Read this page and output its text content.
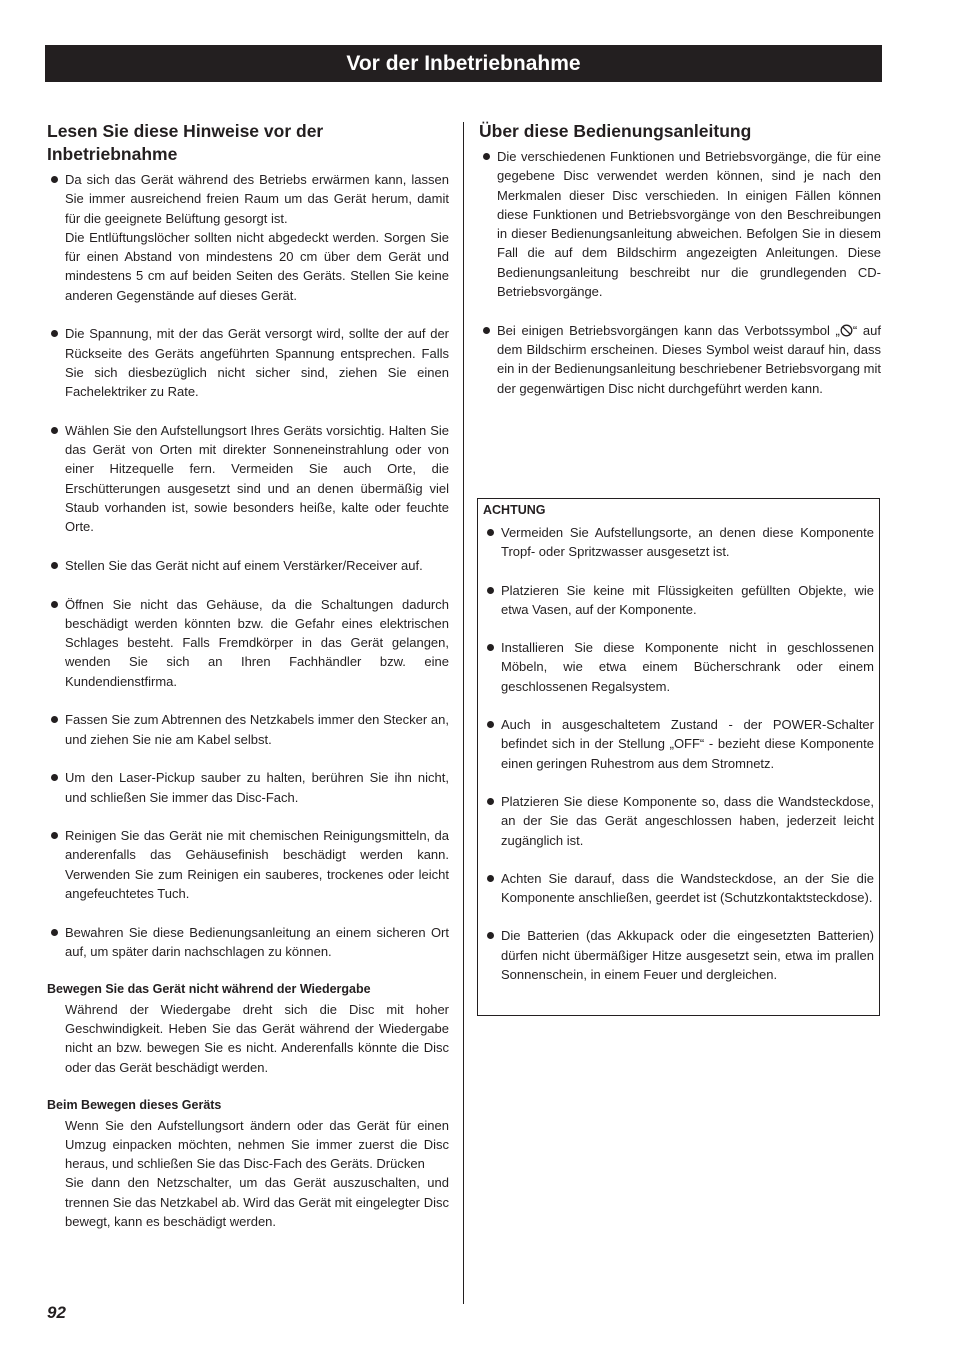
Vor der Inbetriebnahme
Lesen Sie diese Hinweise vor der Inbetriebnahme

Da sich das Gerät während des Betriebs erwärmen kann, lassen Sie immer ausreichend freien Raum um das Gerät herum, damit für die geeignete Belüftung gesorgt ist.

Die Entlüftungslöcher sollten nicht abgedeckt werden. Sorgen Sie für einen Abstand von mindestens 20 cm über dem Gerät und mindestens 5 cm auf beiden Seiten des Geräts. Stellen Sie keine anderen Gegenstände auf dieses Gerät.

Die Spannung, mit der das Gerät versorgt wird, sollte der auf der Rückseite des Geräts angeführten Spannung entsprechen. Falls Sie sich diesbezüglich nicht sicher sind, ziehen Sie einen Fachelektriker zu Rate.

Wählen Sie den Aufstellungsort Ihres Geräts vorsichtig. Halten Sie das Gerät von Orten mit direkter Sonneneinstrahlung oder von einer Hitzequelle fern. Vermeiden Sie auch Orte, die Erschütterungen ausgesetzt sind und an denen übermäßig viel Staub vorhanden ist, sowie besonders heiße, kalte oder feuchte Orte.

Stellen Sie das Gerät nicht auf einem Verstärker/Receiver auf.

Öffnen Sie nicht das Gehäuse, da die Schaltungen dadurch beschädigt werden könnten bzw. die Gefahr eines elektrischen Schlages besteht. Falls Fremdkörper in das Gerät gelangen, wenden Sie sich an Ihren Fachhändler bzw. eine Kundendienstfirma.

Fassen Sie zum Abtrennen des Netzkabels immer den Stecker an, und ziehen Sie nie am Kabel selbst.

Um den Laser-Pickup sauber zu halten, berühren Sie ihn nicht, und schließen Sie immer das Disc-Fach.

Reinigen Sie das Gerät nie mit chemischen Reinigungsmitteln, da anderenfalls das Gehäusefinish beschädigt werden kann. Verwenden Sie zum Reinigen ein sauberes, trockenes oder leicht angefeuchtetes Tuch.

Bewahren Sie diese Bedienungsanleitung an einem sicheren Ort auf, um später darin nachschlagen zu können.

Bewegen Sie das Gerät nicht während der Wiedergabe

Während der Wiedergabe dreht sich die Disc mit hoher Geschwindigkeit. Heben Sie das Gerät während der Wiedergabe nicht an bzw. bewegen Sie es nicht. Anderenfalls könnte die Disc oder das Gerät beschädigt werden.

Beim Bewegen dieses Geräts

Wenn Sie den Aufstellungsort ändern oder das Gerät für einen Umzug einpacken möchten, nehmen Sie immer zuerst die Disc heraus, und schließen Sie das Disc-Fach des Geräts. Drücken

Sie dann den Netzschalter, um das Gerät auszuschalten, und trennen Sie das Netzkabel ab. Wird das Gerät mit eingelegter Disc bewegt, kann es beschädigt werden.

Über diese Bedienungsanleitung

Die verschiedenen Funktionen und Betriebsvorgänge, die für eine gegebene Disc verwendet werden können, sind je nach den Merkmalen dieser Disc verschieden. In einigen Fällen können diese Funktionen und Betriebsvorgänge von den Beschreibungen in dieser Bedienungsanleitung abweichen. Befolgen Sie in diesem Fall die auf dem Bildschirm angezeigten Anleitungen. Diese Bedienungsanleitung beschreibt nur die grundlegenden CD-Betriebsvorgänge.

Bei einigen Betriebsvorgängen kann das Verbotssymbol „ “ auf dem Bildschirm erscheinen. Dieses Symbol weist darauf hin, dass ein in der Bedienungsanleitung beschriebener Betriebsvorgang mit der gegenwärtigen Disc nicht durchgeführt werden kann.

ACHTUNG

Vermeiden Sie Aufstellungsorte, an denen diese Komponente Tropf- oder Spritzwasser ausgesetzt ist.

Platzieren Sie keine mit Flüssigkeiten gefüllten Objekte, wie etwa Vasen, auf der Komponente.

Installieren Sie diese Komponente nicht in geschlossenen Möbeln, wie etwa einem Bücherschrank oder einem geschlossenen Regalsystem.

Auch in ausgeschaltetem Zustand - der POWER-Schalter befindet sich in der Stellung „OFF“ - bezieht diese Komponente einen geringen Ruhestrom aus dem Stromnetz.

Platzieren Sie diese Komponente so, dass die Wandsteckdose, an der Sie das Gerät angeschlossen haben, jederzeit leicht zugänglich ist.

Achten Sie darauf, dass die Wandsteckdose, an der Sie die Komponente anschließen, geerdet ist (Schutzkontaktsteckdose).

Die Batterien (das Akkupack oder die eingesetzten Batterien) dürfen nicht übermäßiger Hitze ausgesetzt sein, etwa im prallen Sonnenschein, in einem Feuer und dergleichen.

92
